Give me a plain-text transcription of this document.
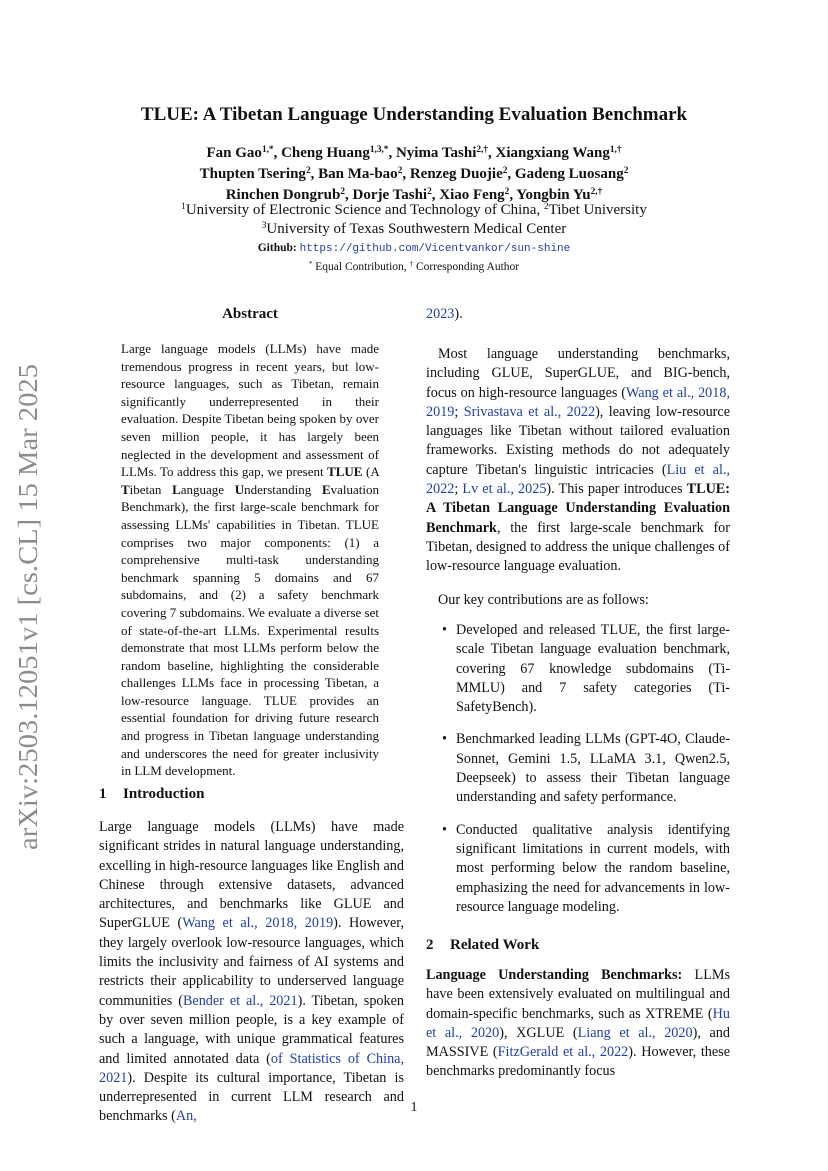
arXiv:2503.12051v1 [cs.CL] 15 Mar 2025
TLUE: A Tibetan Language Understanding Evaluation Benchmark
Fan Gao$^{1,*}$, Cheng Huang$^{1,3,*}$, Nyima Tashi$^{2,\dagger}$, Xiangxiang Wang$^{1,\dagger}$
Thupten Tsering$^2$, Ban Ma-bao$^2$, Renzeg Duojie$^2$, Gadeng Luosang$^2$
Rinchen Dongrub$^2$, Dorje Tashi$^2$, Xiao Feng$^2$, Yongbin $Yu^{2,\dagger}$
$^1$University of Electronic Science and Technology of China, $^2$Tibet University
$^3$University of Texas Southwestern Medical Center
Github: https://github.com/Vicentvankor/sun-shine
* Equal Contribution, † Corresponding Author
Abstract

Large language models (LLMs) have made tremendous progress in recent years, but low-resource languages, such as Tibetan, remain significantly underrepresented in their evaluation. Despite Tibetan being spoken by over seven million people, it has largely been neglected in the development and assessment of LLMs. To address this gap, we present TLUE (A Tibetan Language Understanding Evaluation Benchmark), the first large-scale benchmark for assessing LLMs' capabilities in Tibetan. TLUE comprises two major components: (1) a comprehensive multi-task understanding benchmark spanning 5 domains and 67 subdomains, and (2) a safety benchmark covering 7 subdomains. We evaluate a diverse set of state-of-the-art LLMs. Experimental results demonstrate that most LLMs perform below the random baseline, highlighting the considerable challenges LLMs face in processing Tibetan, a low-resource language. TLUE provides an essential foundation for driving future research and progress in Tibetan language understanding and underscores the need for greater inclusivity in LLM development.

1 Introduction

Large language models (LLMs) have made significant strides in natural language understanding, excelling in high-resource languages like English and Chinese through extensive datasets, advanced architectures, and benchmarks like GLUE and SuperGLUE (Wang et al., 2018, 2019). However, they largely overlook low-resource languages, which limits the inclusivity and fairness of AI systems and restricts their applicability to underserved language communities (Bender et al., 2021). Tibetan, spoken by over seven million people, is a key example of such a language, with unique grammatical features and limited annotated data (of Statistics of China, 2021). Despite its cultural importance, Tibetan is underrepresented in current LLM research and benchmarks (An,

2023).

Most language understanding benchmarks, including GLUE, SuperGLUE, and BIG-bench, focus on high-resource languages (Wang et al., 2018, 2019; Srivastava et al., 2022), leaving low-resource languages like Tibetan without tailored evaluation frameworks. Existing methods do not adequately capture Tibetan's linguistic intricacies (Liu et al., 2022; Lv et al., 2025). This paper introduces TLUE: A Tibetan Language Understanding Evaluation Benchmark, the first large-scale benchmark for Tibetan, designed to address the unique challenges of low-resource language evaluation.

Our key contributions are as follows:

• Developed and released TLUE, the first large-scale Tibetan language evaluation benchmark, covering 67 knowledge subdomains (Ti-MMLU) and 7 safety categories (Ti-SafetyBench).
• Benchmarked leading LLMs (GPT-4O, Claude-Sonnet, Gemini 1.5, LLaMA 3.1, Qwen2.5, Deepseek) to assess their Tibetan language understanding and safety performance.
• Conducted qualitative analysis identifying significant limitations in current models, with most performing below the random baseline, emphasizing the need for advancements in low-resource language modeling.
2 Related Work

Language Understanding Benchmarks: LLMs have been extensively evaluated on multilingual and domain-specific benchmarks, such as XTREME (Hu et al., 2020), XGLUE (Liang et al., 2020), and MASSIVE (FitzGerald et al., 2022). However, these benchmarks predominantly focus

1
